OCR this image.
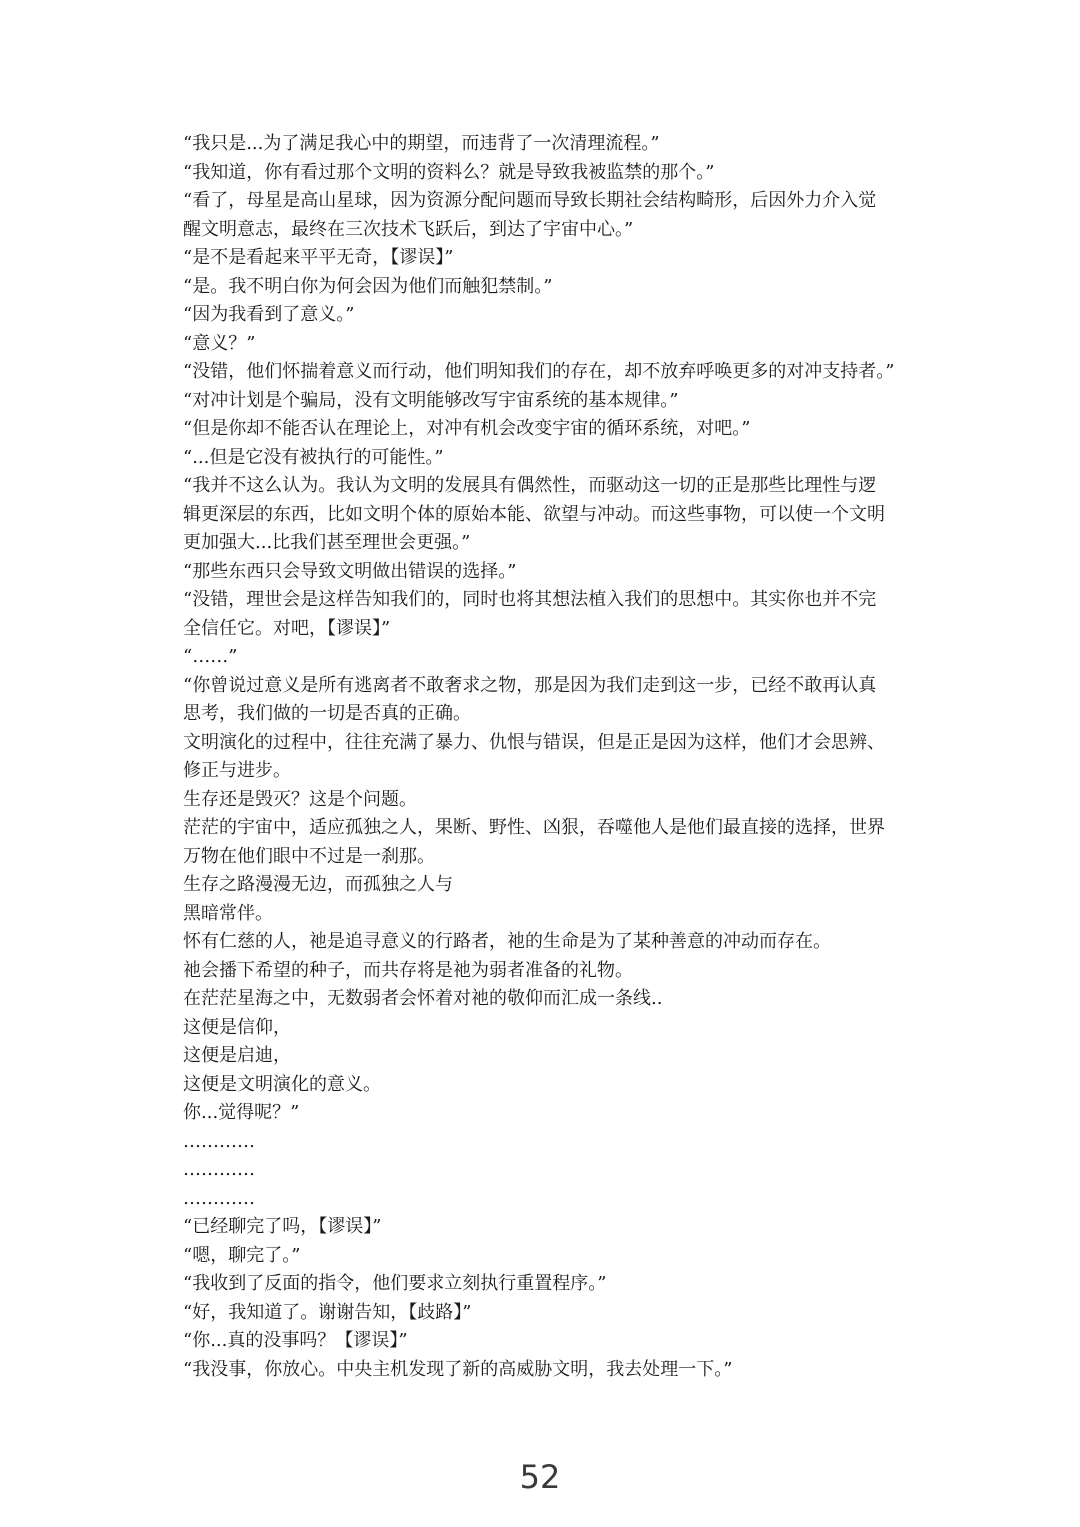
“我只是...为了满足我心中的期望，而违背了一次清理流程。”
“我知道，你有看过那个文明的资料么？就是导致我被监禁的那个。”
“看了，母星是高山星球，因为资源分配问题而导致长期社会结构畸形，后因外力介入觉
醒文明意志，最终在三次技术飞跃后，到达了宇宙中心。”
“是不是看起来平平无奇，【谬误】”
“是。我不明白你为何会因为他们而触犯禁制。”
“因为我看到了意义。”
“意义？”
“没错，他们怀揣着意义而行动，他们明知我们的存在，却不放弃呼唤更多的对冲支持者。”
“对冲计划是个骗局，没有文明能够改写宇宙系统的基本规律。”
“但是你却不能否认在理论上，对冲有机会改变宇宙的循环系统，对吧。”
“...但是它没有被执行的可能性。”
“我并不这么认为。我认为文明的发展具有偶然性，而驱动这一切的正是那些比理性与逻
辑更深层的东西，比如文明个体的原始本能、欲望与冲动。而这些事物，可以使一个文明
更加强大...比我们甚至理世会更强。”
“那些东西只会导致文明做出错误的选择。”
“没错，理世会是这样告知我们的，同时也将其想法植入我们的思想中。其实你也并不完
全信任它。对吧，【谬误】”
“……”
“你曾说过意义是所有逃离者不敢奢求之物，那是因为我们走到这一步，已经不敢再认真
思考，我们做的一切是否真的正确。
文明演化的过程中，往往充满了暴力、仇恨与错误，但是正是因为这样，他们才会思辨、
修正与进步。
生存还是毁灭？这是个问题。
茫茫的宇宙中，适应孤独之人，果断、野性、凶狠，吞噬他人是他们最直接的选择，世界
万物在他们眼中不过是一刹那。
生存之路漫漫无边，而孤独之人与
黑暗常伴。
怀有仁慈的人，祂是追寻意义的行路者，祂的生命是为了某种善意的冲动而存在。
祂会播下希望的种子，而共存将是祂为弱者准备的礼物。
在茫茫星海之中，无数弱者会怀着对祂的敬仰而汇成一条线..
这便是信仰，
这便是启迪，
这便是文明演化的意义。
你...觉得呢？”
…………
…………
…………
“已经聊完了吗，【谬误】”
“嗯，聊完了。”
“我收到了反面的指令，他们要求立刻执行重置程序。”
“好，我知道了。谢谢告知，【歧路】”
“你...真的没事吗？【谬误】”
“我没事，你放心。中央主机发现了新的高威胁文明，我去处理一下。”
52
